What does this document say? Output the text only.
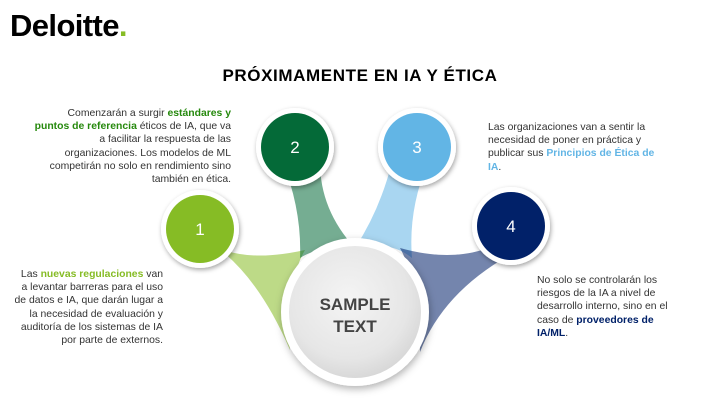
Deloitte.
PRÓXIMAMENTE EN IA Y ÉTICA
1
2	3
4
SAMPLE
TEXT
Comenzarán a surgir estándares y puntos de referencia éticos de IA, que va a facilitar la respuesta de las organizaciones. Los modelos de ML competirán no solo en rendimiento sino también en ética.
Las nuevas regulaciones van a levantar barreras para el uso de datos e IA, que darán lugar a la necesidad de evaluación y auditoría de los sistemas de IA por parte de externos.
Las organizaciones van a sentir la necesidad de poner en práctica y publicar sus Principios de Ética de IA.
No solo se controlarán los riesgos de la IA a nivel de desarrollo interno, sino en el caso de proveedores de IA/ML.
